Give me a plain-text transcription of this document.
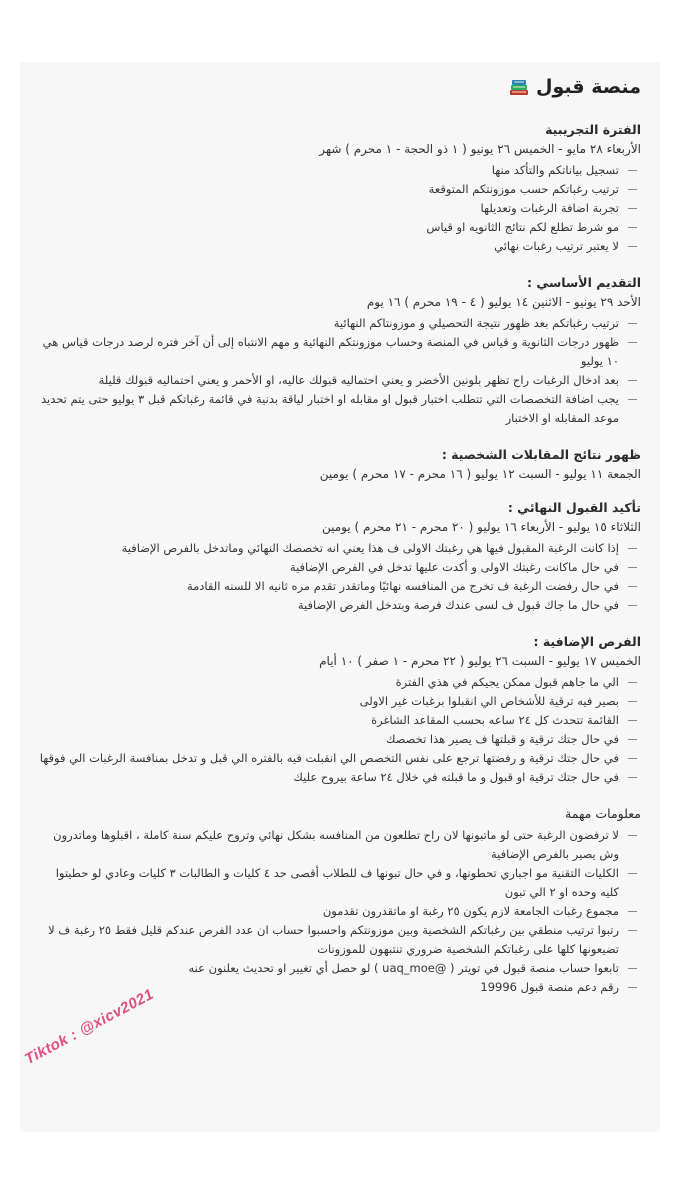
منصة قبول
الفترة التجريبية
الأربعاء ٢٨ مايو - الخميس ٢٦ يونيو ( ١ ذو الحجة - ١ محرم ) شهر
تسجيل بياناتكم والتأكد منها
ترتيب رغباتكم حسب موزونتكم المتوقعة
تجربة اضافة الرغبات وتعديلها
مو شرط تطلع لكم نتائج الثانويه او قياس
لا يعتبر ترتيب رغبات نهائي
التقديم الأساسي :
الأحد ٢٩ يونيو - الاثنين ١٤ يوليو ( ٤ - ١٩ محرم ) ١٦ يوم
ترتيب رغباتكم بعد ظهور نتيجة التحصيلي و موزونتاكم النهائية
ظهور درجات الثانوية و قياس في المنصة وحساب موزونتكم النهائية و مهم الانتباه إلى أن آخر فتره لرصد درجات قياس هي ١٠ يوليو
بعد ادخال الرغبات راح تظهر بلونين الأخضر و يعني احتماليه قبولك عاليه، او الأحمر و يعني احتماليه قبولك قليلة
يجب اضافة التخصصات التي تتطلب اختبار قبول او مقابله او اختبار لياقة بدنية في قائمة رغباتكم قبل ٣ يوليو حتى يتم تحديد موعد المقابله او الاختبار
ظهور نتائج المقابلات الشخصية :
الجمعة ١١ يوليو - السبت ١٢ يوليو ( ١٦ محرم - ١٧ محرم ) يومين
تأكيد القبول النهائي :
الثلاثاء ١٥ يوليو - الأربعاء ١٦ يوليو ( ٢٠ محرم - ٢١ محرم ) يومين
إذا كانت الرغبة المقبول فيها هي رغبتك الاولى ف هذا يعني انه تخصصك النهائي وماتدخل بالفرص الإضافية
في حال ماكانت رغبتك الاولى و أكدت عليها تدخل في الفرص الإضافية
في حال رفضت الرغبة ف تخرج من المنافسه نهائيًا وماتقدر تقدم مره ثانيه الا للسنه القادمة
في حال ما جاك قبول ف لسى عندك فرصة وبتدخل الفرص الإضافية
الفرص الإضافية :
الخميس ١٧ يوليو - السبت ٢٦ يوليو ( ٢٢ محرم - ١ صفر ) ١٠ أيام
الي ما جاهم قبول ممكن يجيكم في هذي الفترة
بصير فيه ترقية للأشخاص الي انقبلوا برغبات غير الاولى
القائمة تتحدث كل ٢٤ ساعه بحسب المقاعد الشاغرة
في حال جتك ترقية و قبلتها ف يصير هذا تخصصك
في حال جتك ترقية و رفضتها ترجع على نفس التخصص الي انقبلت فيه بالفتره الي قبل و تدخل بمنافسة الرغبات الي فوقها
في حال جتك ترقية او قبول و ما قبلته في خلال ٢٤ ساعة بيروح عليك
معلومات مهمة
لا ترفضون الرغبة حتى لو ماتبونها لان راح تطلعون من المنافسه بشكل نهائي وتروح عليكم سنة كاملة ، اقبلوها وماتدرون وش يصير بالفرص الإضافية
الكليات التقنية مو اجباري تحطونها، و في حال تبونها ف للطلاب أقصى حد ٤ كليات و الطالبات ٣ كليات وعادي لو حطيتوا كليه وحده او ٢ الي تبون
مجموع رغبات الجامعة لازم يكون ٢٥ رغبة او ماتقدرون تقدمون
رتبوا ترتيب منطقي بين رغباتكم الشخصية وبين موزونتكم واحسبوا حساب ان عدد الفرص عندكم قليل فقط ٢٥ رغبة ف لا تضيعونها كلها على رغباتكم الشخصية ضروري تنتبهون للموزونات
تابعوا حساب منصة قبول في تويتر ( @uaq_moe ) لو حصل أي تغيير او تحديث يعلنون عنه
رقم دعم منصة قبول 19996
Tiktok : @xicv2021
